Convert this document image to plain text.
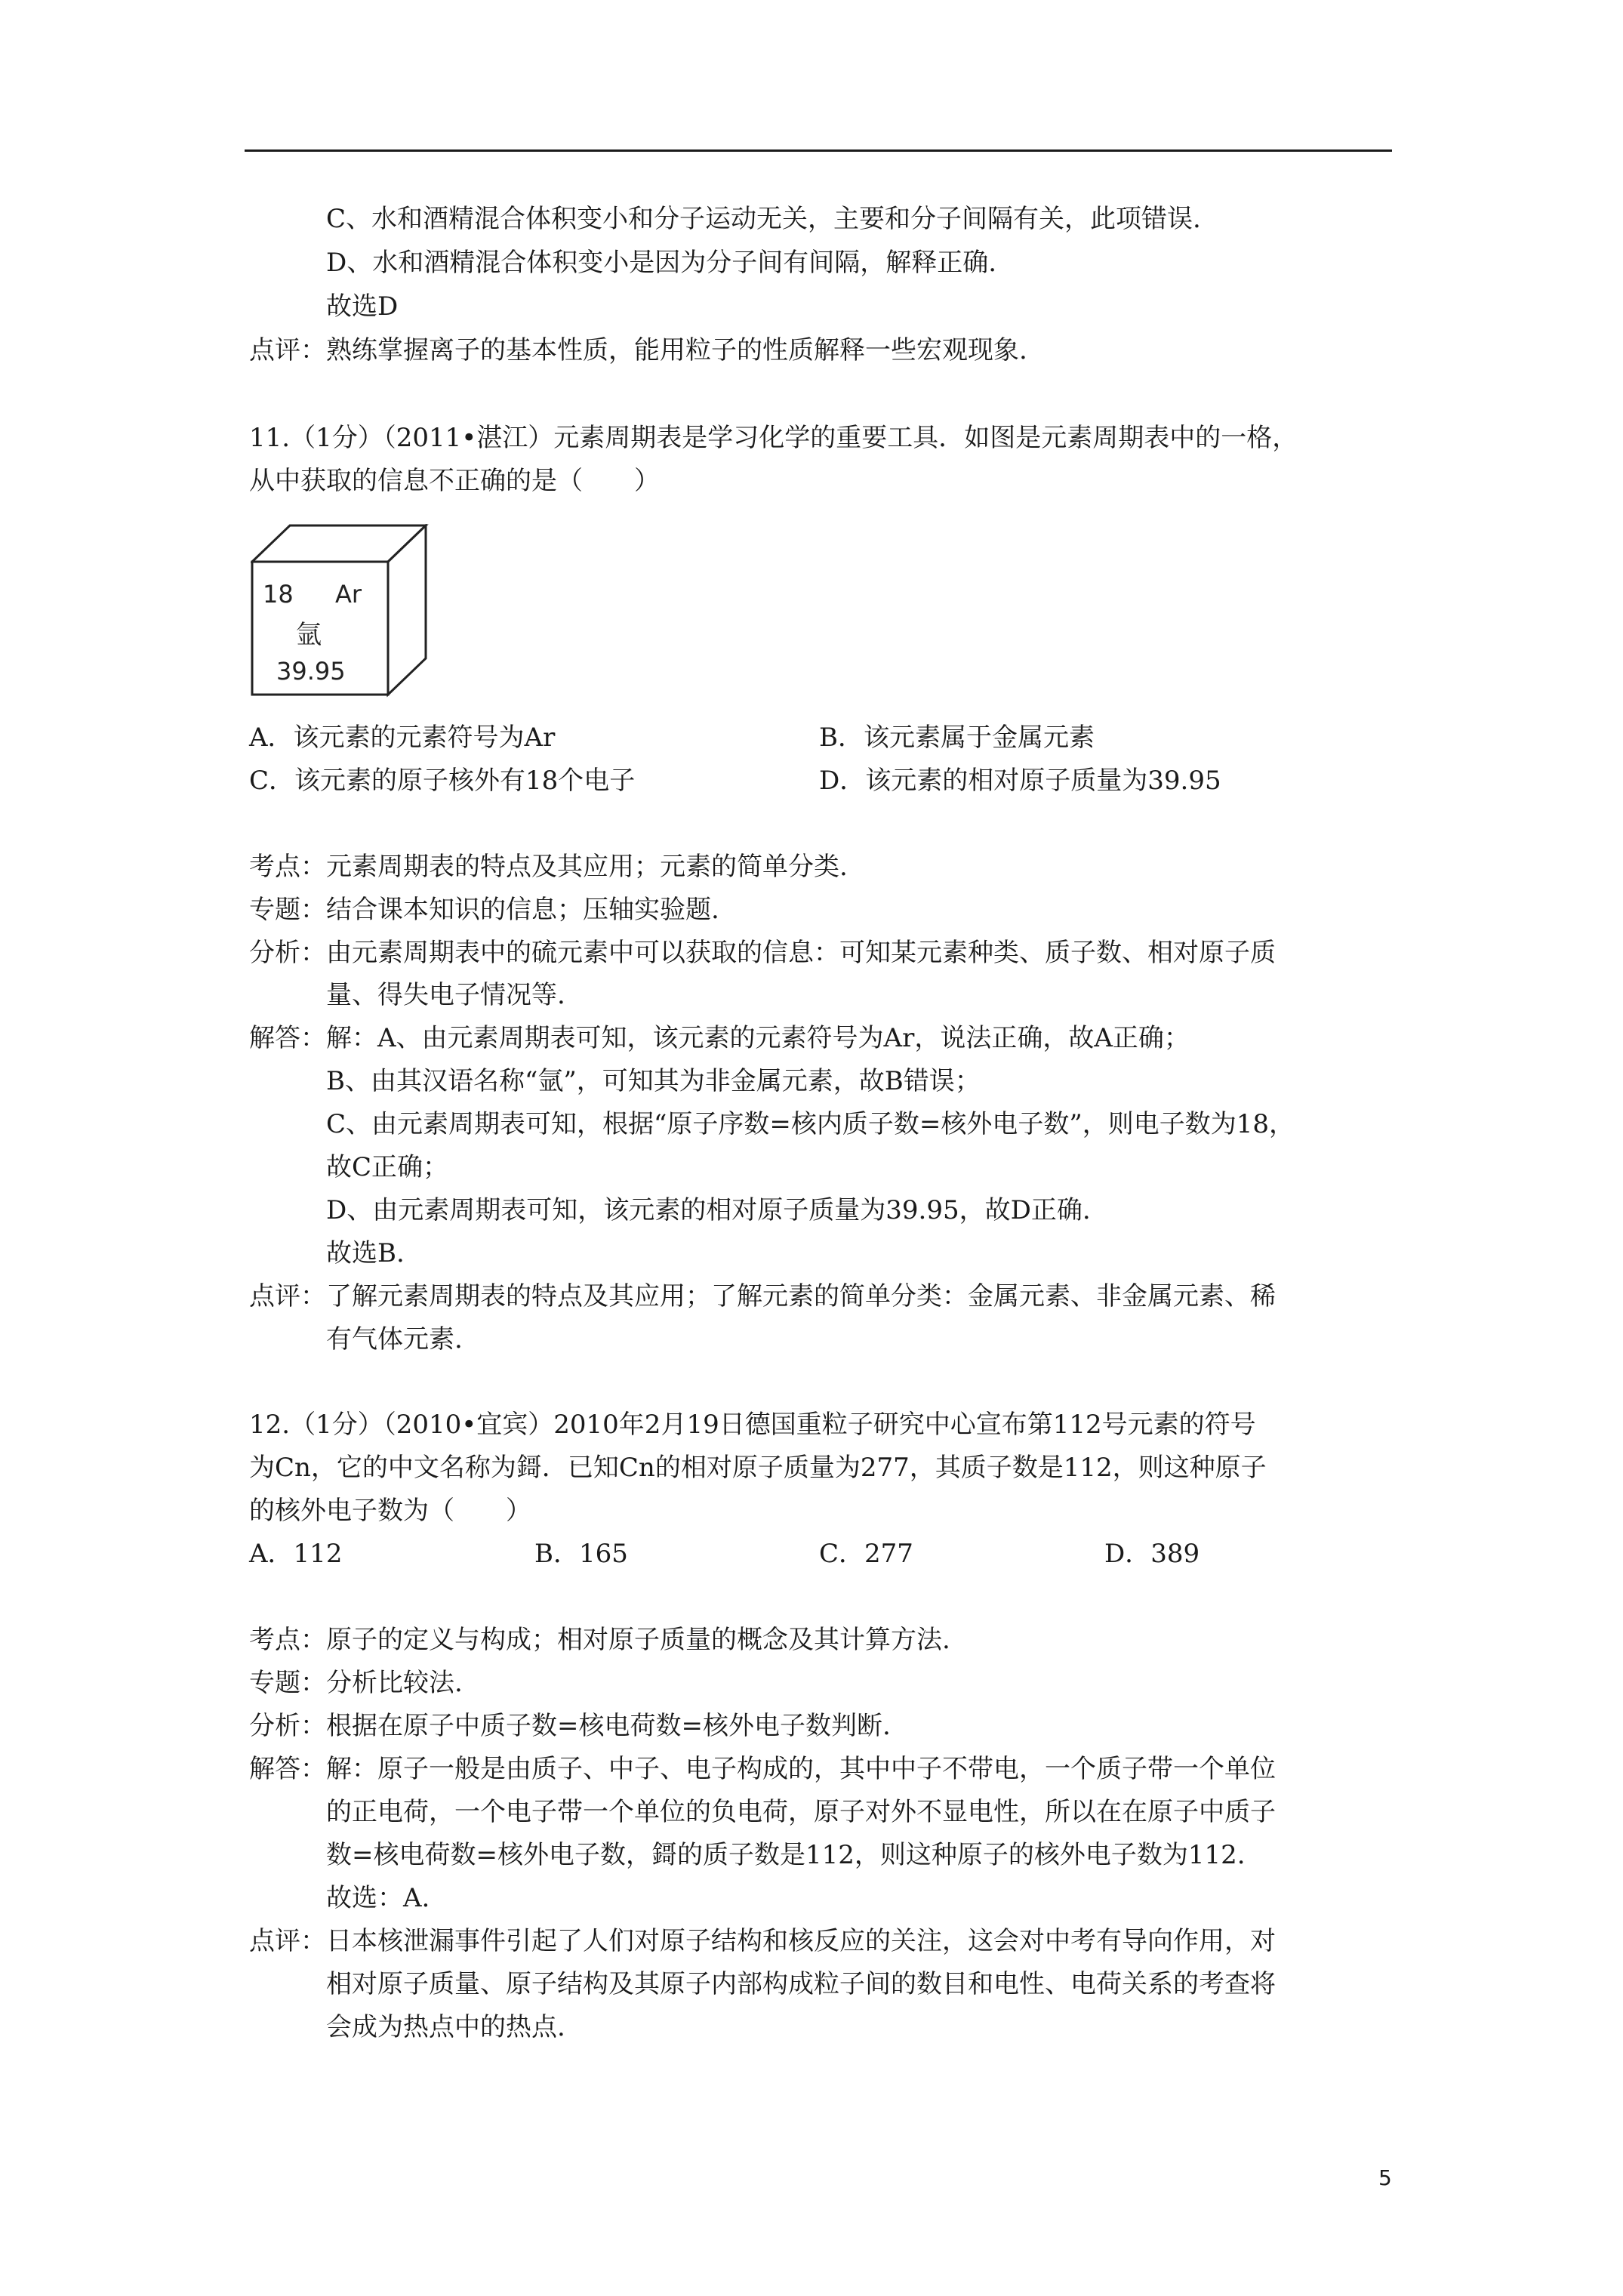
C、水和酒精混合体积变小和分子运动无关，主要和分子间隔有关，此项错误.
D、水和酒精混合体积变小是因为分子间有间隔，解释正确.
故选D
点评： 熟练掌握离子的基本性质，能用粒子的性质解释一些宏观现象.
11.（1分）（2011•湛江）元素周期表是学习化学的重要工具．如图是元素周期表中的一格，
从中获取的信息不正确的是（　　）
18 Ar
氩
39.95
A．该元素的元素符号为Ar	B．该元素属于金属元素
C．该元素的原子核外有18个电子	D．该元素的相对原子质量为39.95
考点： 元素周期表的特点及其应用；元素的简单分类.
专题： 结合课本知识的信息；压轴实验题.
分析： 由元素周期表中的硫元素中可以获取的信息：可知某元素种类、质子数、相对原子质
量、得失电子情况等.
解答： 解：A、由元素周期表可知，该元素的元素符号为Ar，说法正确，故A正确；
B、由其汉语名称“氩”，可知其为非金属元素，故B错误；
C、由元素周期表可知，根据“原子序数=核内质子数=核外电子数”，则电子数为18，
故C正确；
D、由元素周期表可知，该元素的相对原子质量为39.95，故D正确.
故选B.
点评： 了解元素周期表的特点及其应用；了解元素的简单分类：金属元素、非金属元素、稀
有气体元素.
12.（1分）（2010•宜宾）2010年2月19日德国重粒子研究中心宣布第112号元素的符号
为Cn，它的中文名称为鎶．已知Cn的相对原子质量为277，其质子数是112，则这种原子
的核外电子数为（　　）
A．112	B．165	C．277	D．389
考点： 原子的定义与构成；相对原子质量的概念及其计算方法.
专题： 分析比较法.
分析： 根据在原子中质子数=核电荷数=核外电子数判断.
解答： 解：原子一般是由质子、中子、电子构成的，其中中子不带电，一个质子带一个单位
的正电荷，一个电子带一个单位的负电荷，原子对外不显电性，所以在在原子中质子
数=核电荷数=核外电子数，鎶的质子数是112，则这种原子的核外电子数为112.
故选：A.
点评： 日本核泄漏事件引起了人们对原子结构和核反应的关注，这会对中考有导向作用，对
相对原子质量、原子结构及其原子内部构成粒子间的数目和电性、电荷关系的考查将
会成为热点中的热点.
5
